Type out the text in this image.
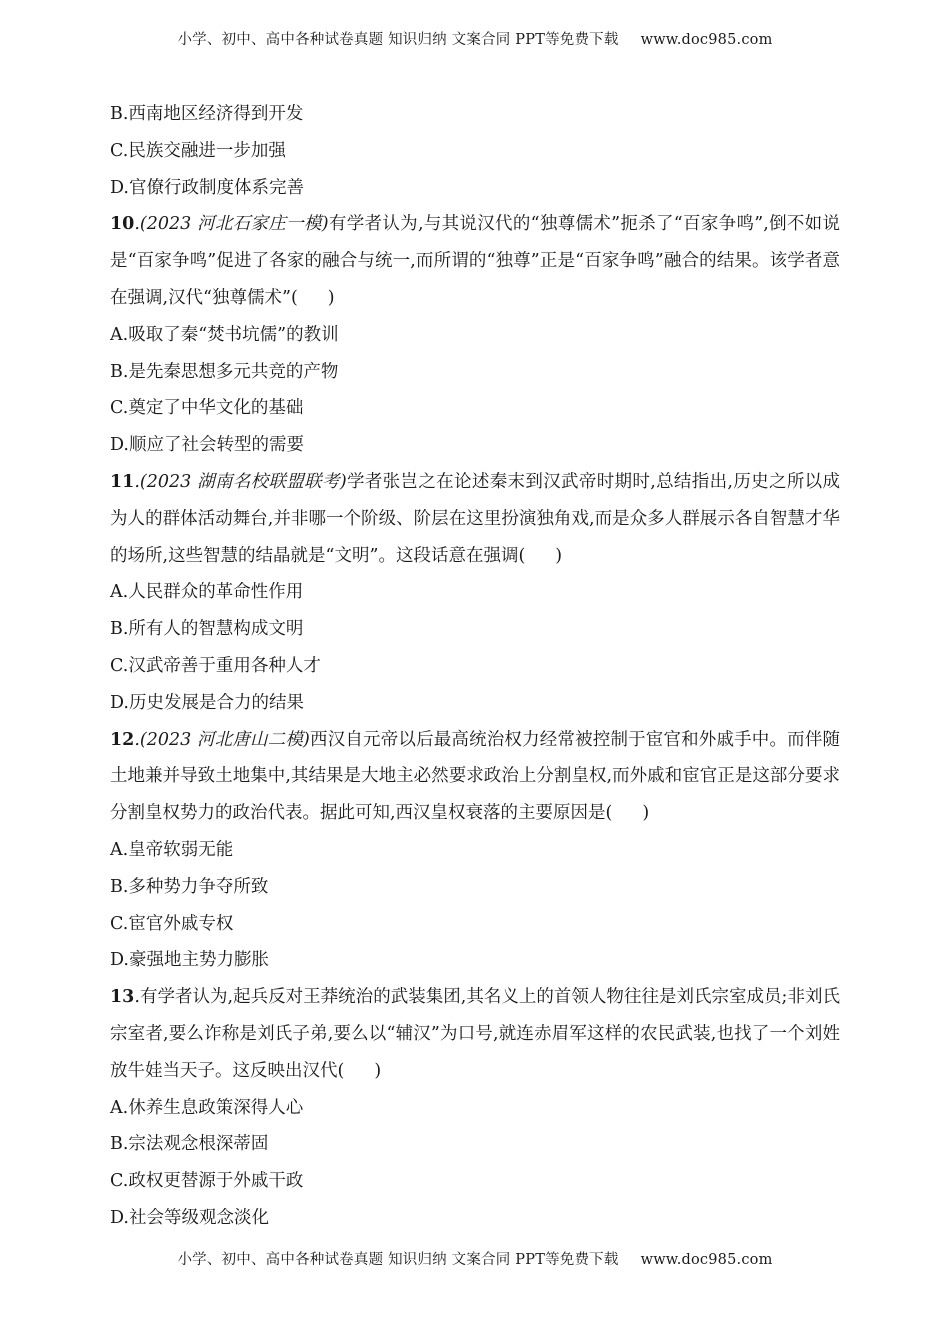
小学、初中、高中各种试卷真题 知识归纳 文案合同 PPT等免费下载 www.doc985.com
B.西南地区经济得到开发
C.民族交融进一步加强
D.官僚行政制度体系完善
10.(2023 河北石家庄一模)有学者认为,与其说汉代的“独尊儒术”扼杀了“百家争鸣”,倒不如说是“百家争鸣”促进了各家的融合与统一,而所谓的“独尊”正是“百家争鸣”融合的结果。该学者意在强调,汉代“独尊儒术”( )
A.吸取了秦“焚书坑儒”的教训
B.是先秦思想多元共竞的产物
C.奠定了中华文化的基础
D.顺应了社会转型的需要
11.(2023 湖南名校联盟联考)学者张岂之在论述秦末到汉武帝时期时,总结指出,历史之所以成为人的群体活动舞台,并非哪一个阶级、阶层在这里扮演独角戏,而是众多人群展示各自智慧才华的场所,这些智慧的结晶就是“文明”。这段话意在强调( )
A.人民群众的革命性作用
B.所有人的智慧构成文明
C.汉武帝善于重用各种人才
D.历史发展是合力的结果
12.(2023 河北唐山二模)西汉自元帝以后最高统治权力经常被控制于宦官和外戚手中。而伴随土地兼并导致土地集中,其结果是大地主必然要求政治上分割皇权,而外戚和宦官正是这部分要求分割皇权势力的政治代表。据此可知,西汉皇权衰落的主要原因是( )
A.皇帝软弱无能
B.多种势力争夺所致
C.宦官外戚专权
D.豪强地主势力膨胀
13.有学者认为,起兵反对王莽统治的武装集团,其名义上的首领人物往往是刘氏宗室成员;非刘氏宗室者,要么诈称是刘氏子弟,要么以“辅汉”为口号,就连赤眉军这样的农民武装,也找了一个刘姓放牛娃当天子。这反映出汉代( )
A.休养生息政策深得人心
B.宗法观念根深蒂固
C.政权更替源于外戚干政
D.社会等级观念淡化
小学、初中、高中各种试卷真题 知识归纳 文案合同 PPT等免费下载 www.doc985.com
